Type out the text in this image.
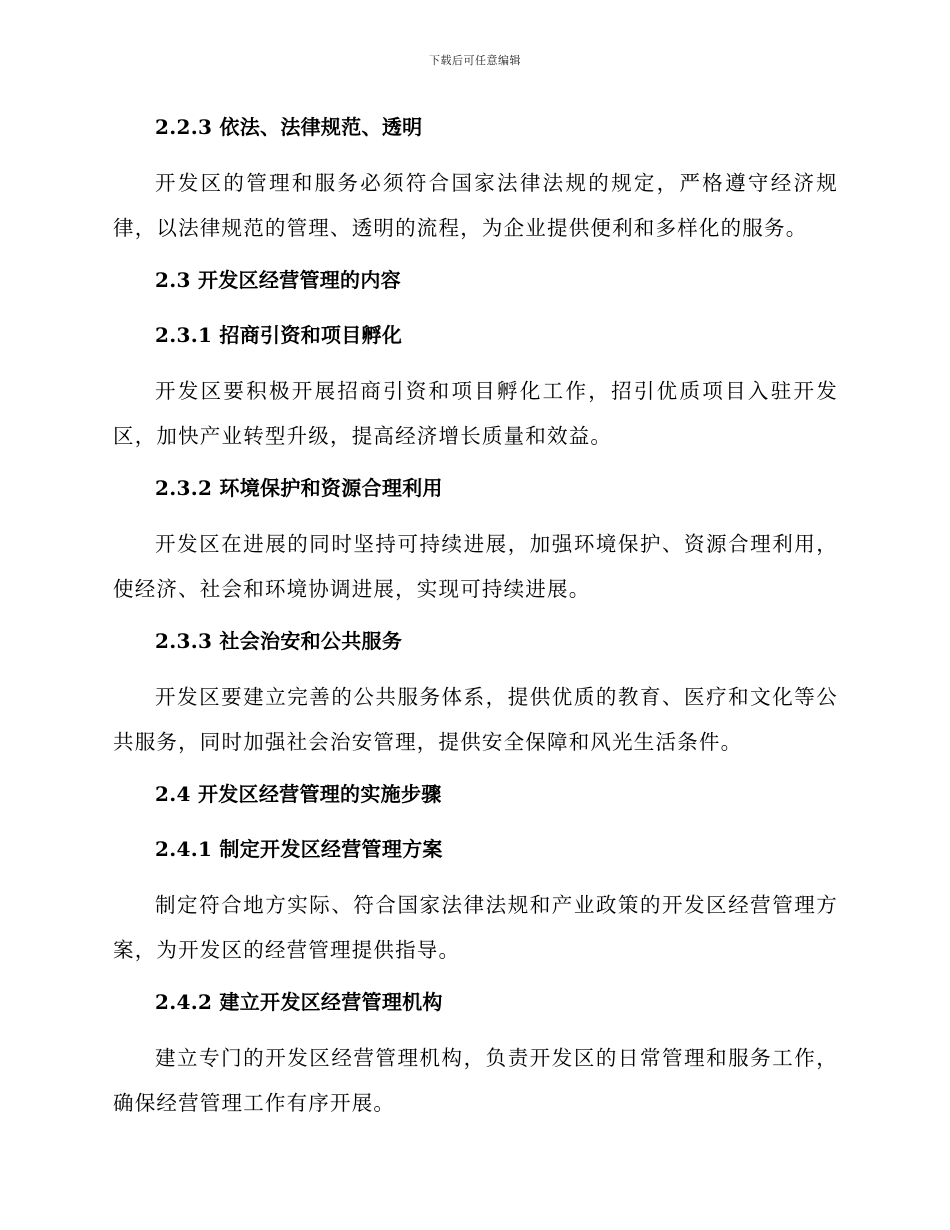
下载后可任意编辑
2.2.3 依法、法律规范、透明

开发区的管理和服务必须符合国家法律法规的规定，严格遵守经济规律，以法律规范的管理、透明的流程，为企业提供便利和多样化的服务。

2.3 开发区经营管理的内容
2.3.1 招商引资和项目孵化

开发区要积极开展招商引资和项目孵化工作，招引优质项目入驻开发区，加快产业转型升级，提高经济增长质量和效益。

2.3.2 环境保护和资源合理利用

开发区在进展的同时坚持可持续进展，加强环境保护、资源合理利用，使经济、社会和环境协调进展，实现可持续进展。

2.3.3 社会治安和公共服务

开发区要建立完善的公共服务体系，提供优质的教育、医疗和文化等公共服务，同时加强社会治安管理，提供安全保障和风光生活条件。

2.4 开发区经营管理的实施步骤
2.4.1 制定开发区经营管理方案

制定符合地方实际、符合国家法律法规和产业政策的开发区经营管理方案，为开发区的经营管理提供指导。

2.4.2 建立开发区经营管理机构

建立专门的开发区经营管理机构，负责开发区的日常管理和服务工作，确保经营管理工作有序开展。
